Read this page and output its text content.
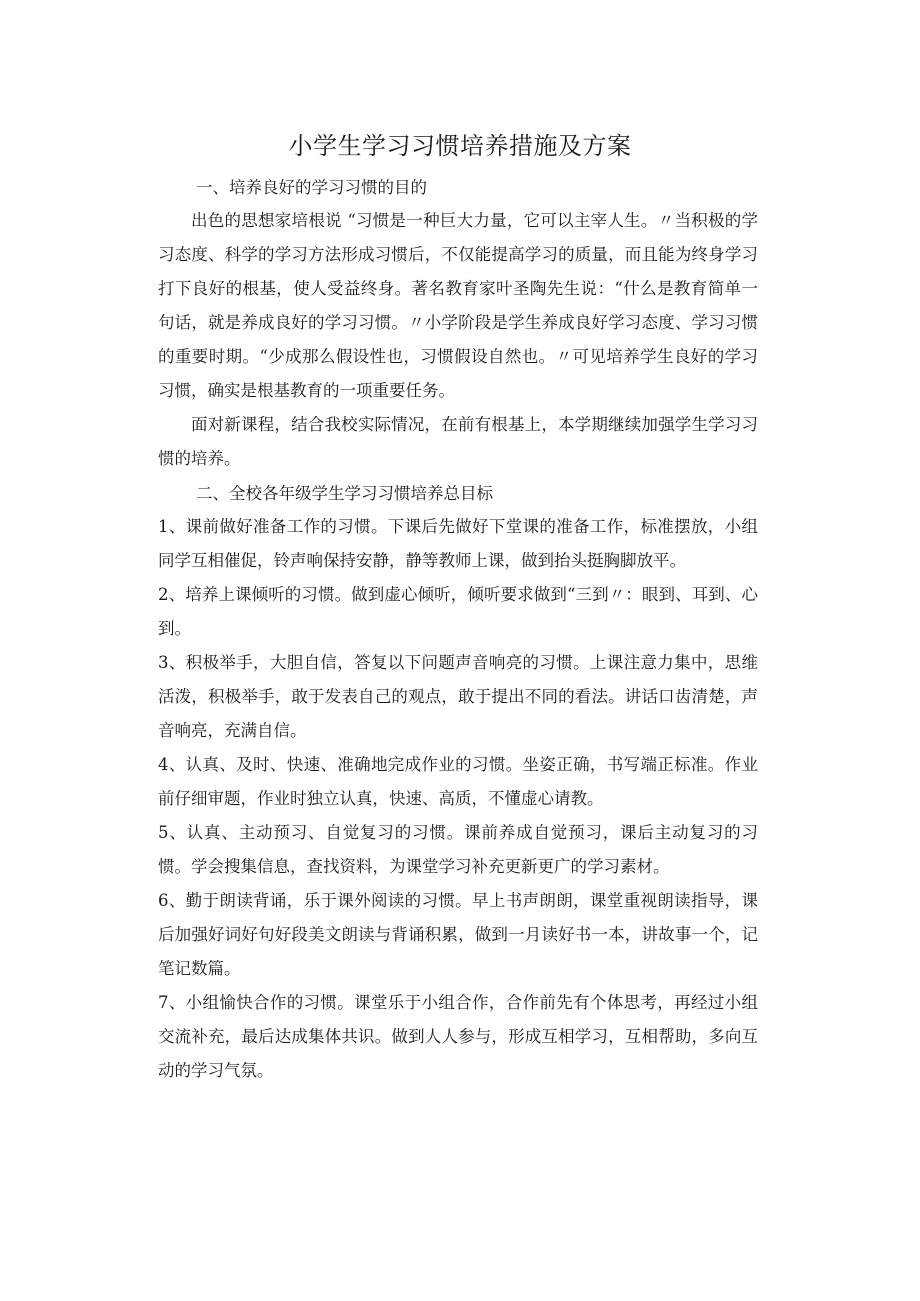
小学生学习习惯培养措施及方案
一、培养良好的学习习惯的目的

出色的思想家培根说 “习惯是一种巨大力量，它可以主宰人生。〃当积极的学习态度、科学的学习方法形成习惯后，不仅能提高学习的质量，而且能为终身学习打下良好的根基，使人受益终身。著名教育家叶圣陶先生说：“什么是教育简单一句话，就是养成良好的学习习惯。〃小学阶段是学生养成良好学习态度、学习习惯的重要时期。“少成那么假设性也，习惯假设自然也。〃可见培养学生良好的学习习惯，确实是根基教育的一项重要任务。

面对新课程，结合我校实际情况，在前有根基上，本学期继续加强学生学习习惯的培养。

二、全校各年级学生学习习惯培养总目标

1、课前做好准备工作的习惯。下课后先做好下堂课的准备工作，标准摆放，小组同学互相催促，铃声响保持安静，静等教师上课，做到抬头挺胸脚放平。

2、培养上课倾听的习惯。做到虚心倾听，倾听要求做到“三到〃：眼到、耳到、心到。

3、积极举手，大胆自信，答复以下问题声音响亮的习惯。上课注意力集中，思维活泼，积极举手，敢于发表自己的观点，敢于提出不同的看法。讲话口齿清楚，声音响亮，充满自信。

4、认真、及时、快速、准确地完成作业的习惯。坐姿正确，书写端正标准。作业前仔细审题，作业时独立认真，快速、高质，不懂虚心请教。

5、认真、主动预习、自觉复习的习惯。课前养成自觉预习，课后主动复习的习惯。学会搜集信息，查找资料，为课堂学习补充更新更广的学习素材。

6、勤于朗读背诵，乐于课外阅读的习惯。早上书声朗朗，课堂重视朗读指导，课后加强好词好句好段美文朗读与背诵积累，做到一月读好书一本，讲故事一个，记笔记数篇。

7、小组愉快合作的习惯。课堂乐于小组合作，合作前先有个体思考，再经过小组交流补充，最后达成集体共识。做到人人参与，形成互相学习，互相帮助，多向互动的学习气氛。
